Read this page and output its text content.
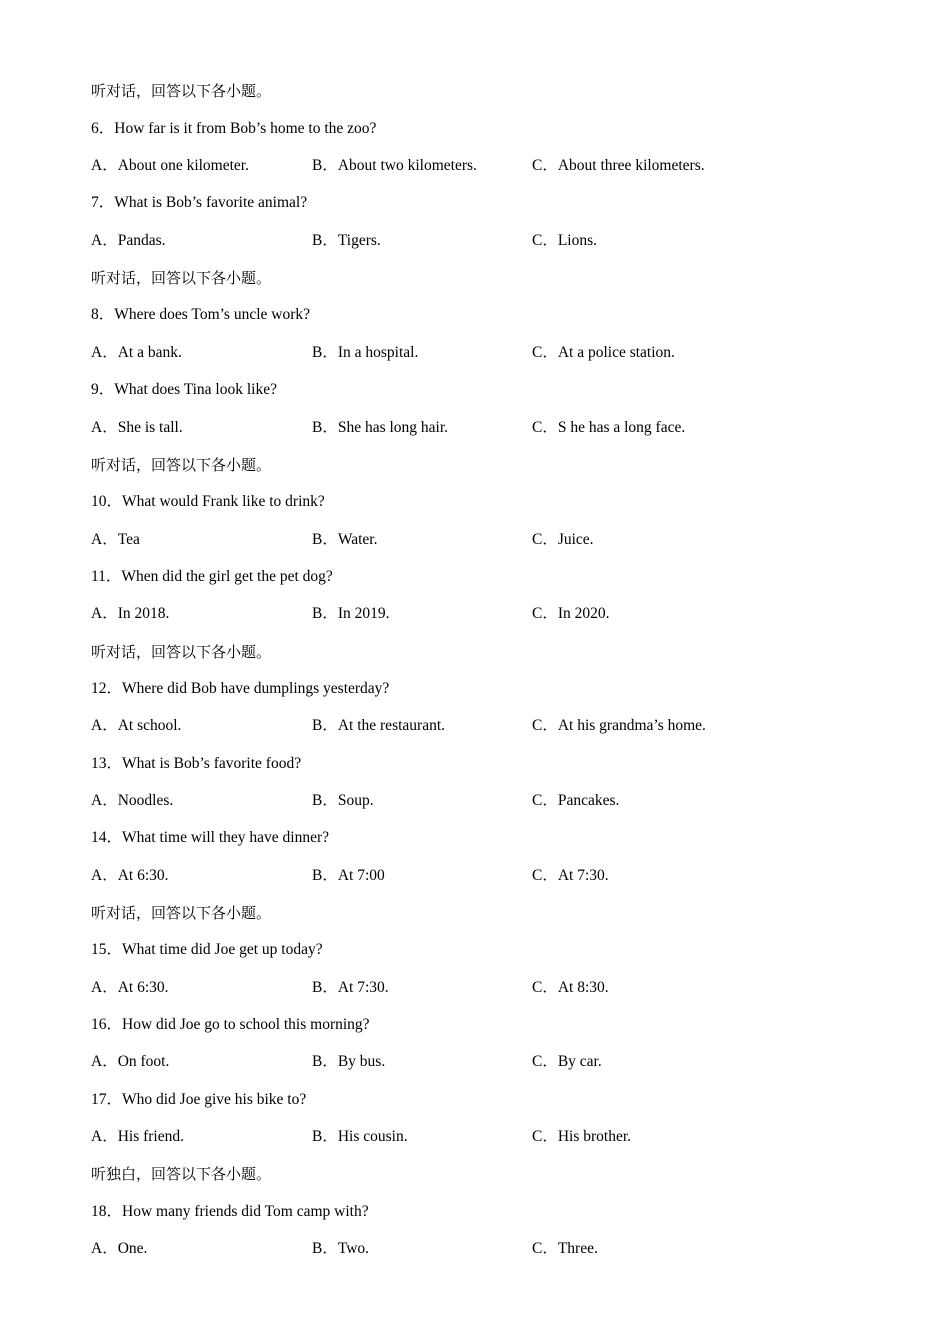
听对话，回答以下各小题。
6．How far is it from Bob’s home to the zoo?
A．About one kilometer.	B．About two kilometers.	C．About three kilometers.
7．What is Bob’s favorite animal?
A．Pandas.	B．Tigers.	C．Lions.
听对话，回答以下各小题。
8．Where does Tom’s uncle work?
A．At a bank.	B．In a hospital.	C．At a police station.
9．What does Tina look like?
A．She is tall.	B．She has long hair.	C．S he has a long face.
听对话，回答以下各小题。
10．What would Frank like to drink?
A．Tea	B．Water.	C．Juice.
11．When did the girl get the pet dog?
A．In 2018.	B．In 2019.	C．In 2020.
听对话，回答以下各小题。
12．Where did Bob have dumplings yesterday?
A．At school.	B．At the restaurant.	C．At his grandma’s home.
13．What is Bob’s favorite food?
A．Noodles.	B．Soup.	C．Pancakes.
14．What time will they have dinner?
A．At 6:30.	B．At 7:00	C．At 7:30.
听对话，回答以下各小题。
15．What time did Joe get up today?
A．At 6:30.	B．At 7:30.	C．At 8:30.
16．How did Joe go to school this morning?
A．On foot.	B．By bus.	C．By car.
17．Who did Joe give his bike to?
A．His friend.	B．His cousin.	C．His brother.
听独白，回答以下各小题。
18．How many friends did Tom camp with?
A．One.	B．Two.	C．Three.
